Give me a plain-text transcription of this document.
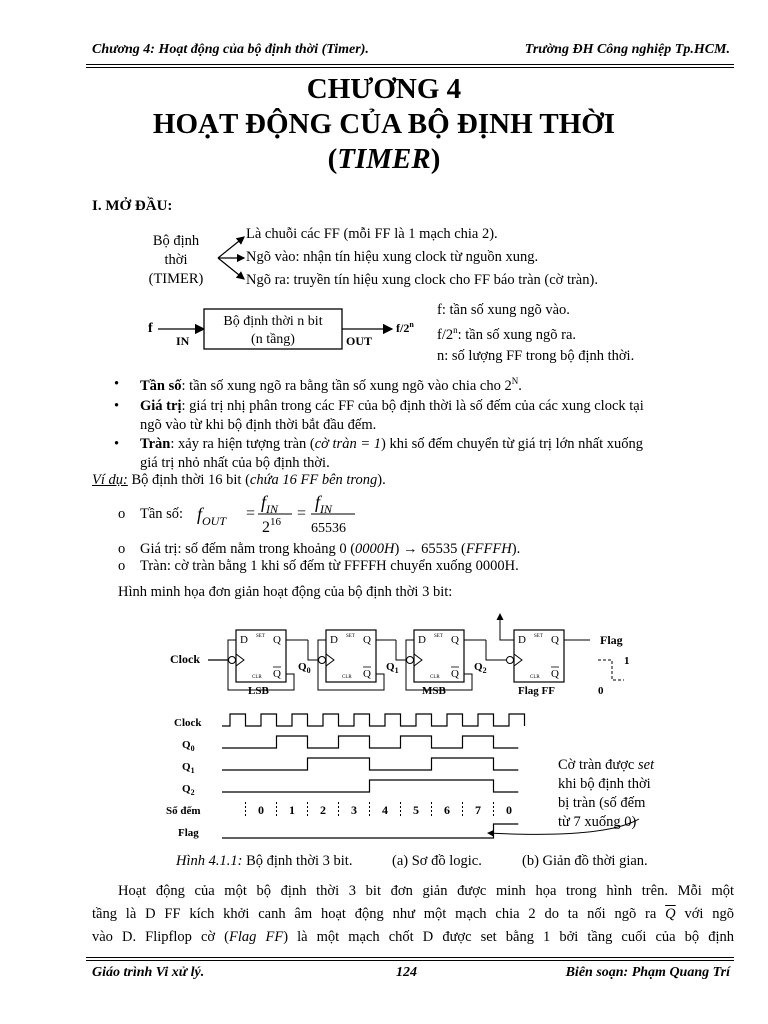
Chương 4: Hoạt động của bộ định thời (Timer).	Trường ĐH Công nghiệp Tp.HCM.
CHƯƠNG 4
HOẠT ĐỘNG CỦA BỘ ĐỊNH THỜI
(TIMER)
I. MỞ ĐẦU:
Bộ định
thời
(TIMER)
Là chuỗi các FF (mỗi FF là 1 mạch chia 2).
Ngõ vào: nhận tín hiệu xung clock từ nguồn xung.
Ngõ ra: truyền tín hiệu xung clock cho FF báo tràn (cờ tràn).
f
IN
Bộ định thời n bit
(n tầng)	OUT
f/2$^n$
f: tần số xung ngõ vào.
f/2$^n$: tần số xung ngõ ra.
n: số lượng FF trong bộ định thời.
• Tần số: tần số xung ngõ ra bằng tần số xung ngõ vào chia cho $2^N$.
• Giá trị: giá trị nhị phân trong các FF của bộ định thời là số đếm của các xung clock tại
ngõ vào từ khi bộ định thời bắt đầu đếm.
• Tràn: xảy ra hiện tượng tràn (cờ tràn = 1) khi số đếm chuyển từ giá trị lớn nhất xuống
giá trị nhỏ nhất của bộ định thời.
Ví dụ: Bộ định thời 16 bit (chứa 16 FF bên trong).
o Tần số: $f_{OUT}$ =
$f_{IN}$
$2^{16}$ =
$f_{IN}$
65536
o Giá trị: số đếm nằm trong khoảng 0 (0000H) → 65535 (FFFFH).
o Tràn: cờ tràn bằng 1 khi số đếm từ FFFFH chuyển xuống 0000H.
Hình minh họa đơn giản hoạt động của bộ định thời 3 bit:
Clock
D SET Q
CLR Q
LSB
$Q_0$
D SET Q
CLR Q
$Q_1$
D SET Q
CLR Q
MSB
$Q_2$
D SET Q
CLR Q
Flag FF
Flag
1
0
Clock
$Q_0$
$Q_1$
$Q_2$
Số đếm
Flag
0 1 2 3 4 5 6 7 0
Cờ tràn được set
khi bộ định thời
bị tràn (số đếm
từ 7 xuống 0)
Hình 4.1.1: Bộ định thời 3 bit.	(a) Sơ đồ logic.	(b) Giản đồ thời gian.
Hoạt động của một bộ định thời 3 bit đơn giản được minh họa trong hình trên. Mỗi một
tầng là D FF kích khởi canh âm hoạt động như một mạch chia 2 do ta nối ngõ ra $\overline{Q}$ với ngõ
vào D. Flipflop cờ (Flag FF) là một mạch chốt D được set bằng 1 bởi tầng cuối của bộ định
Giáo trình Vi xử lý.	124	Biên soạn: Phạm Quang Trí
